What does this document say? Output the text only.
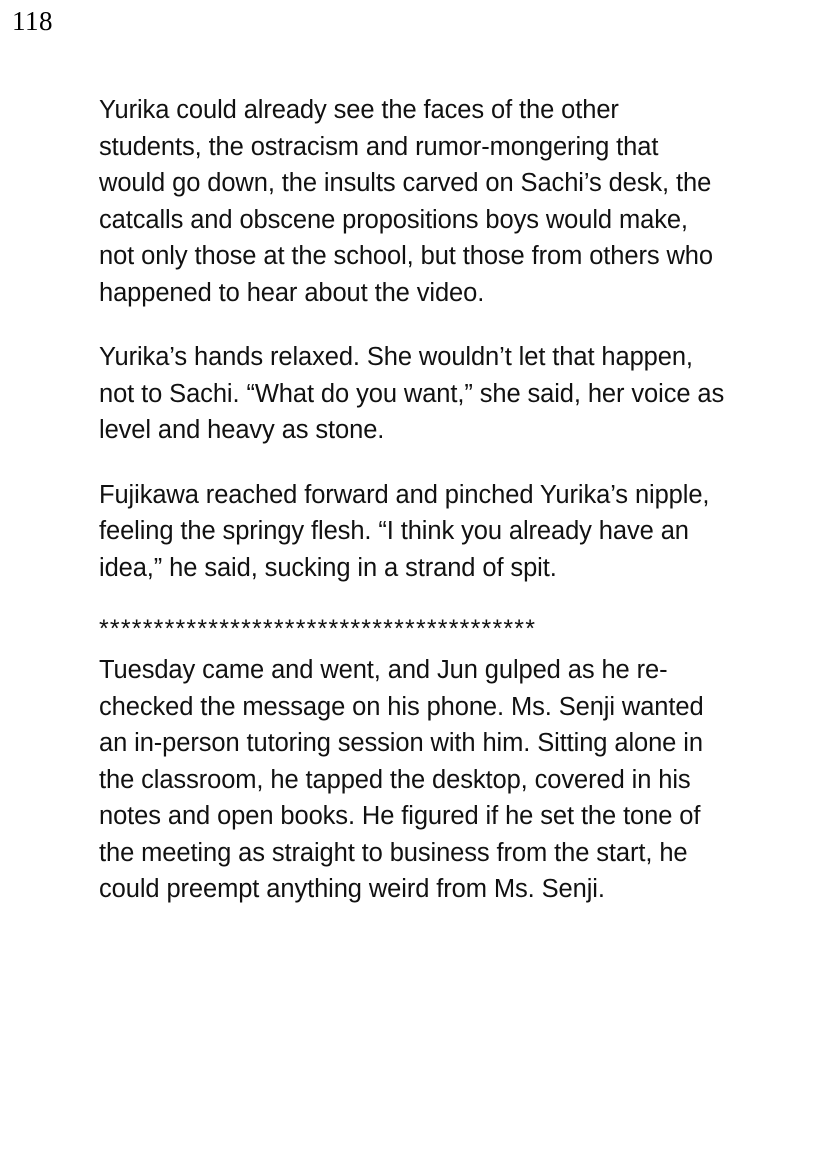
118

Yurika could already see the faces of the other students, the ostracism and rumor-mongering that would go down, the insults carved on Sachi’s desk, the catcalls and obscene propositions boys would make, not only those at the school, but those from others who happened to hear about the video.

Yurika’s hands relaxed. She wouldn’t let that happen, not to Sachi. “What do you want,” she said, her voice as level and heavy as stone.

Fujikawa reached forward and pinched Yurika’s nipple, feeling the springy flesh. “I think you already have an idea,” he said, sucking in a strand of spit.

****************************************

Tuesday came and went, and Jun gulped as he re-checked the message on his phone. Ms. Senji wanted an in-person tutoring session with him. Sitting alone in the classroom, he tapped the desktop, covered in his notes and open books. He figured if he set the tone of the meeting as straight to business from the start, he could preempt anything weird from Ms. Senji.
